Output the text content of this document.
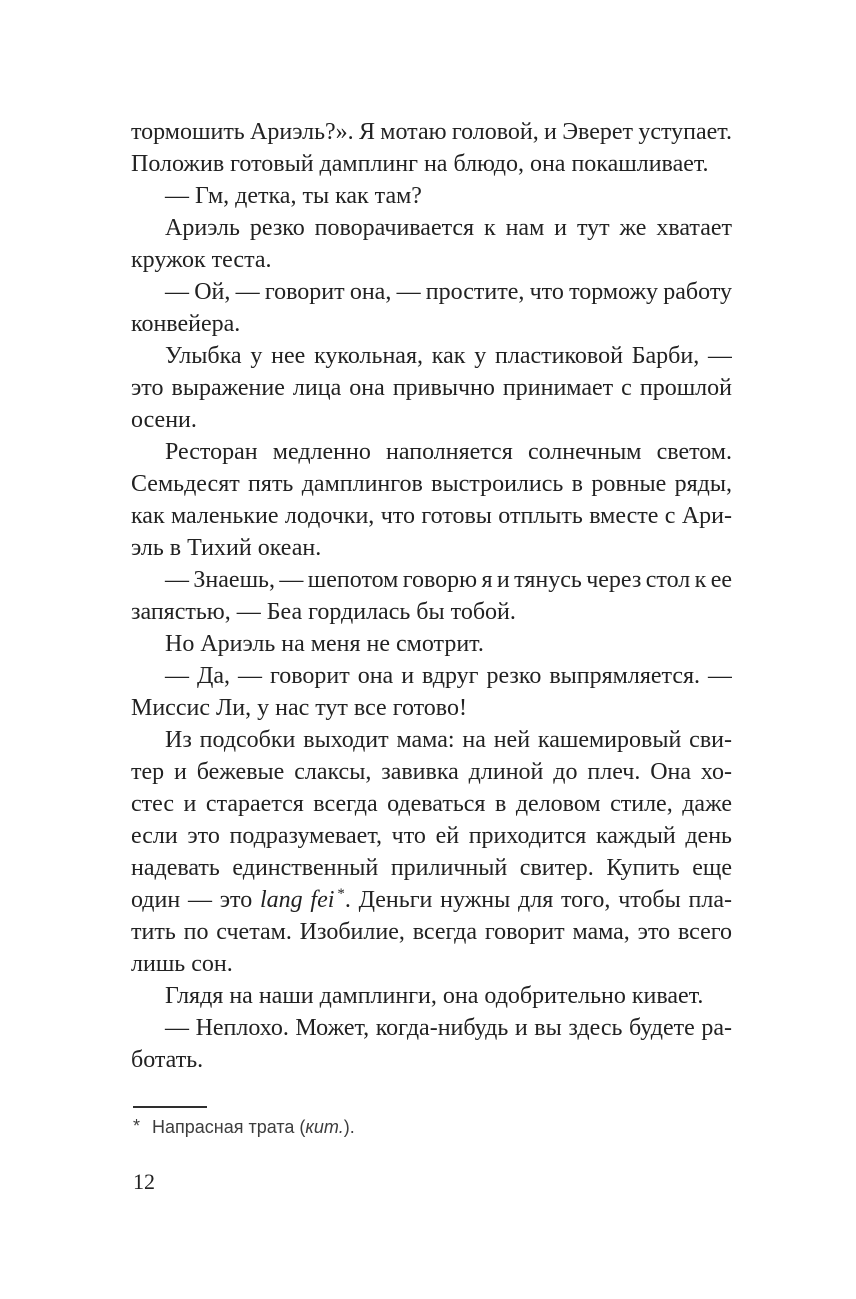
тормошить Ариэль?». Я мотаю головой, и Эверет уступает.
Положив готовый дамплинг на блюдо, она покашливает.
— Гм, детка, ты как там?
Ариэль резко поворачивается к нам и тут же хватает
кружок теста.
— Ой, — говорит она, — простите, что торможу работу
конвейера.
Улыбка у нее кукольная, как у пластиковой Барби, —
это выражение лица она привычно принимает с прошлой
осени.
Ресторан медленно наполняется солнечным светом.
Семьдесят пять дамплингов выстроились в ровные ряды,
как маленькие лодочки, что готовы отплыть вместе с Ари-
эль в Тихий океан.
— Знаешь, — шепотом говорю я и тянусь через стол к ее
запястью, — Беа гордилась бы тобой.
Но Ариэль на меня не смотрит.
— Да, — говорит она и вдруг резко выпрямляется. —
Миссис Ли, у нас тут все готово!
Из подсобки выходит мама: на ней кашемировый сви-
тер и бежевые слаксы, завивка длиной до плеч. Она хо-
стес и старается всегда одеваться в деловом стиле, даже
если это подразумевает, что ей приходится каждый день
надевать единственный приличный свитер. Купить еще
один — это lang fei *. Деньги нужны для того, чтобы пла-
тить по счетам. Изобилие, всегда говорит мама, это всего
лишь сон.
Глядя на наши дамплинги, она одобрительно кивает.
— Неплохо. Может, когда-нибудь и вы здесь будете ра-
ботать.
* Напрасная трата (кит.).
12
